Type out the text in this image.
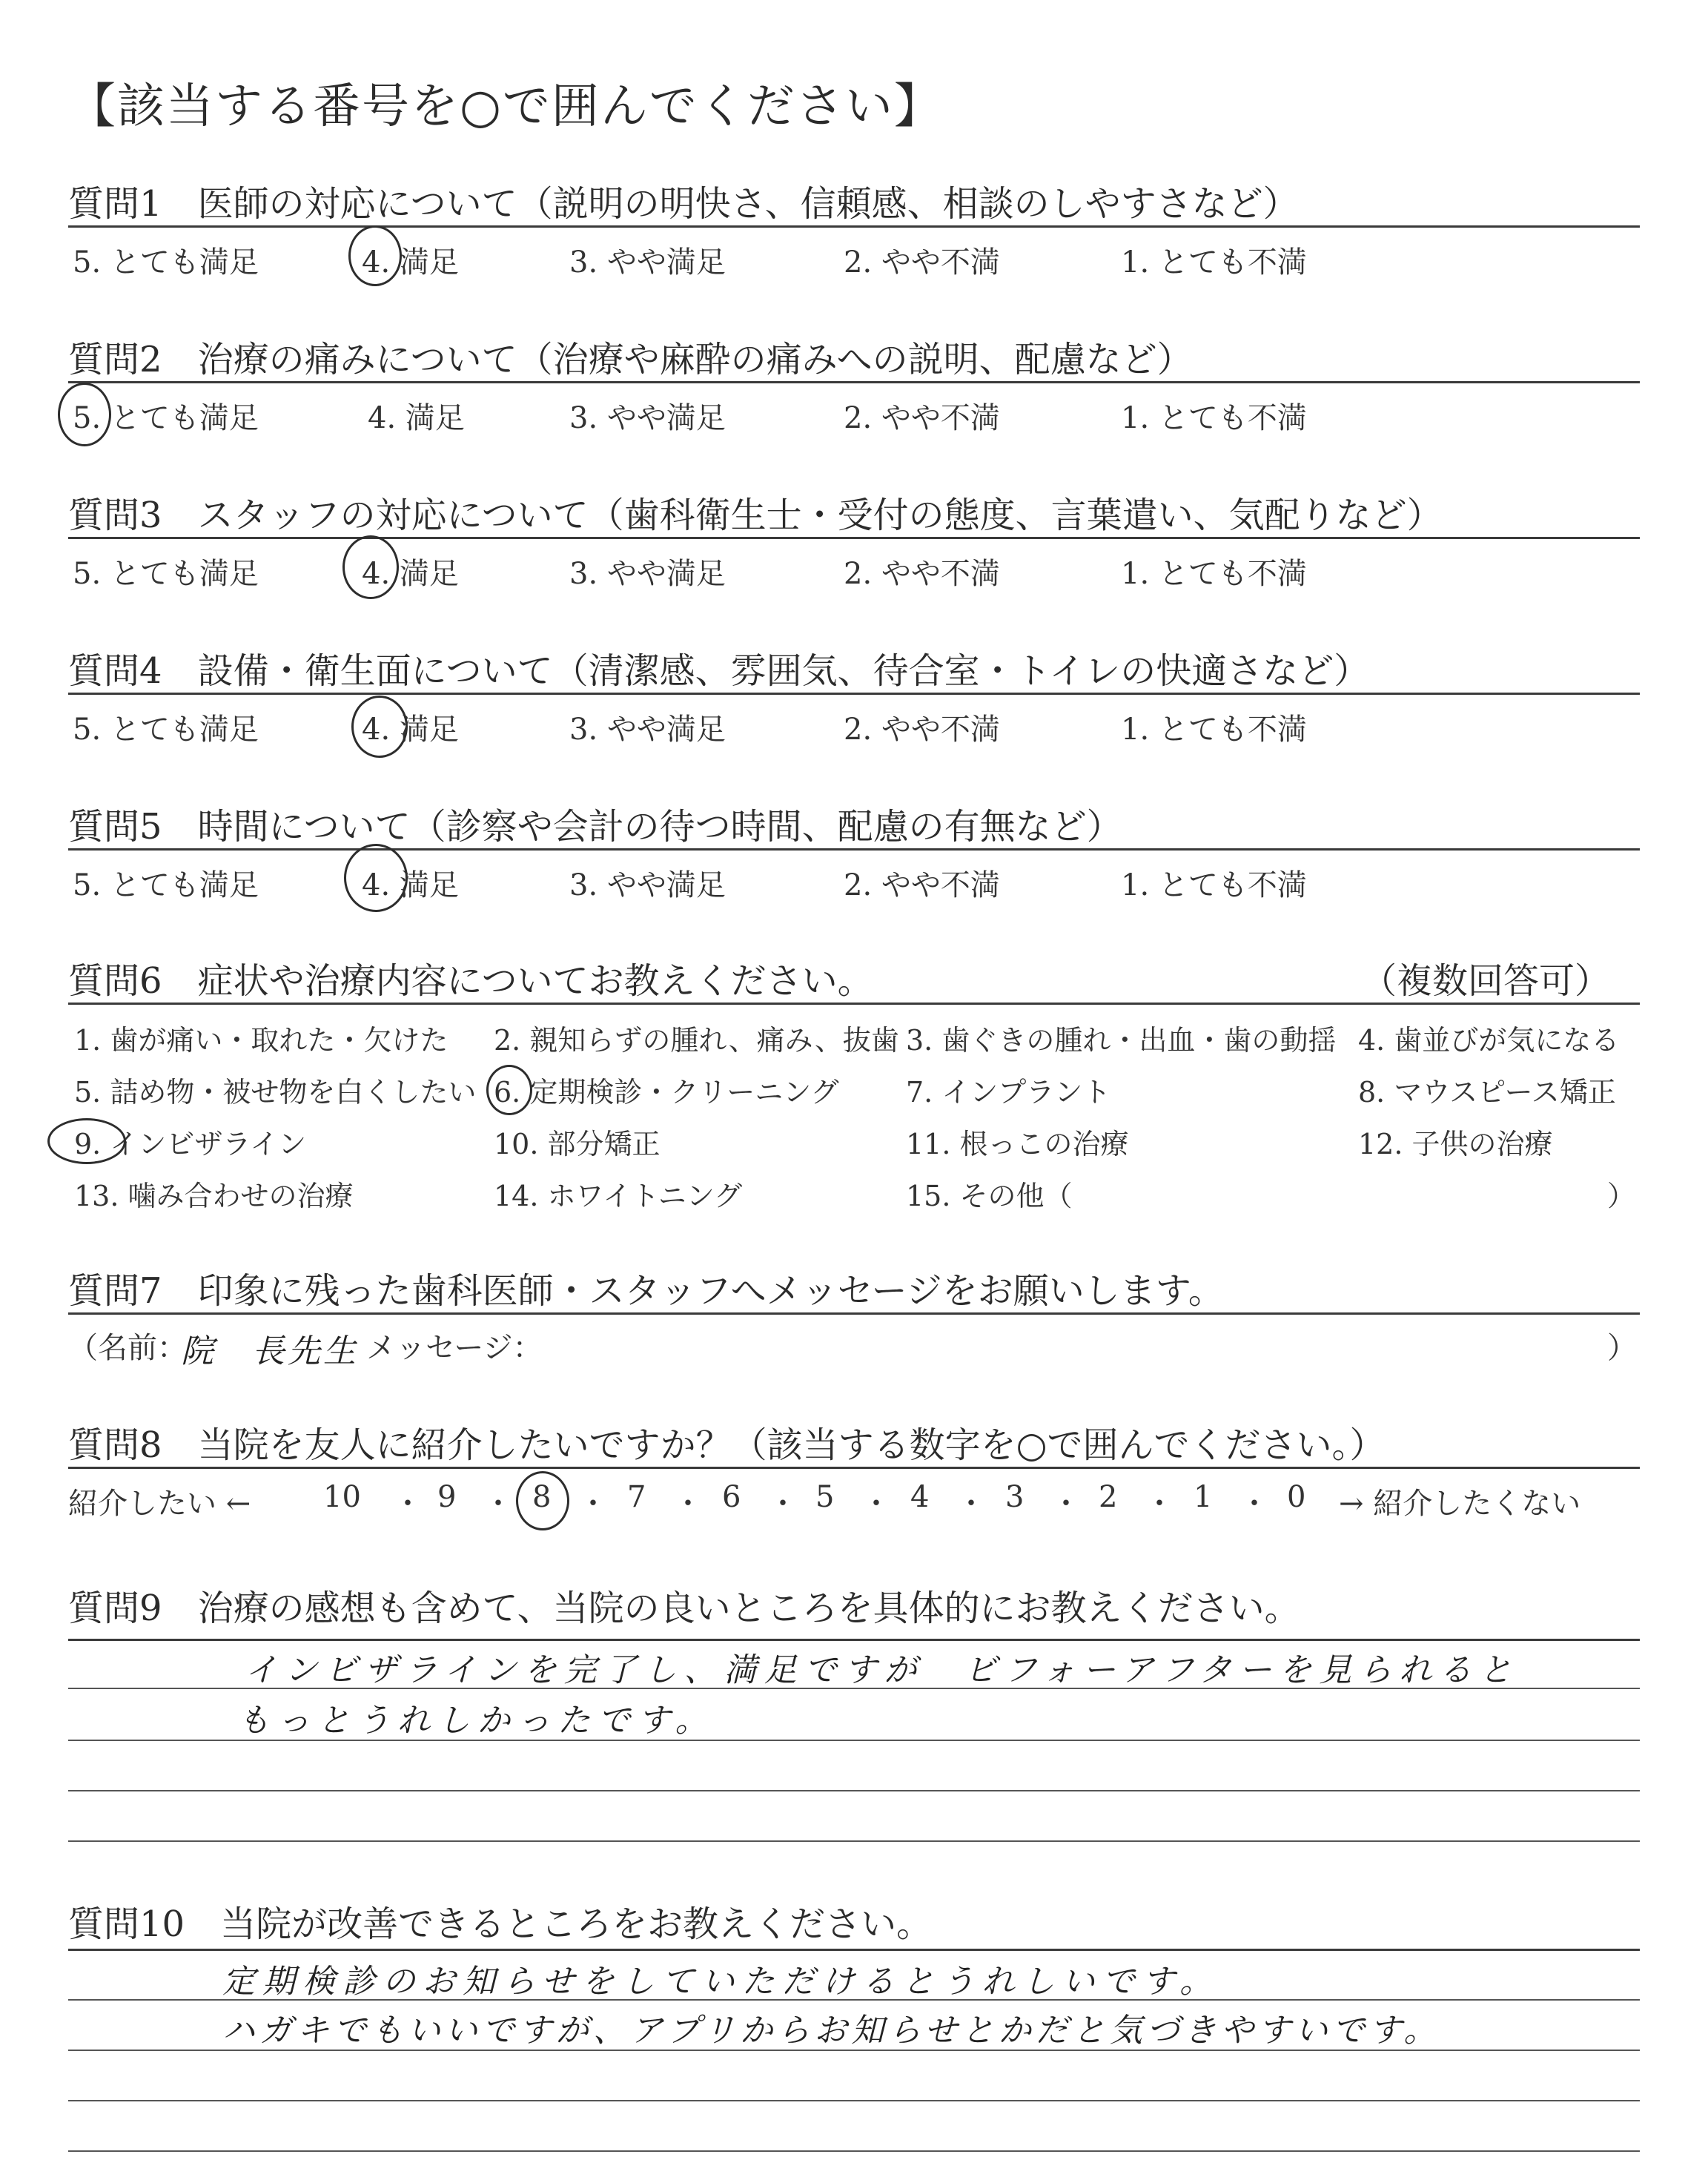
【該当する番号を○で囲んでください】
質問1　 医師の対応について（説明の明快さ、信頼感、相談のしやすさなど）
5. とても満足	4. 満足	3. やや満足	2. やや不満	1. とても不満
質問2　 治療の痛みについて（治療や麻酔の痛みへの説明、配慮など）
5. とても満足	4. 満足	3. やや満足	2. やや不満	1. とても不満
質問3　 スタッフの対応について（歯科衛生士・受付の態度、言葉遣い、気配りなど）
5. とても満足	4. 満足	3. やや満足	2. やや不満	1. とても不満
質問4　 設備・衛生面について（清潔感、雰囲気、待合室・トイレの快適さなど）
5. とても満足	4. 満足	3. やや満足	2. やや不満	1. とても不満
質問5　 時間について（診察や会計の待つ時間、配慮の有無など）
5. とても満足	4. 満足	3. やや満足	2. やや不満	1. とても不満
質問6　 症状や治療内容についてお教えください。	（複数回答可）
1. 歯が痛い・取れた・欠けた 2. 親知らずの腫れ、痛み、抜歯 3. 歯ぐきの腫れ・出血・歯の動揺 4. 歯並びが気になる
5. 詰め物・被せ物を白くしたい 6. 定期検診・クリーニング 7. インプラント	8. マウスピース矯正
9. インビザライン	10. 部分矯正	11. 根っこの治療	12. 子供の治療
13. 噛み合わせの治療	14. ホワイトニング	15. その他（	）
質問7　 印象に残った歯科医師・スタッフへメッセージをお願いします。
（名前：
院　長先生 メッセージ：	）
質問8　 当院を友人に紹介したいですか？（該当する数字を○で囲んでください。）
紹介したい ←	→ 紹介したくない
10	9	8	7	6	5	4	3	2	1	0
・ ・ ・ ・ ・ ・ ・ ・ ・ ・
質問9　 治療の感想も含めて、当院の良いところを具体的にお教えください。
インビザラインを完了し、満足ですが　ビフォーアフターを見られると
もっとうれしかったです。
質問10　 当院が改善できるところをお教えください。
定期検診のお知らせをしていただけるとうれしいです。
ハガキでもいいですが、アプリからお知らせとかだと気づきやすいです。
